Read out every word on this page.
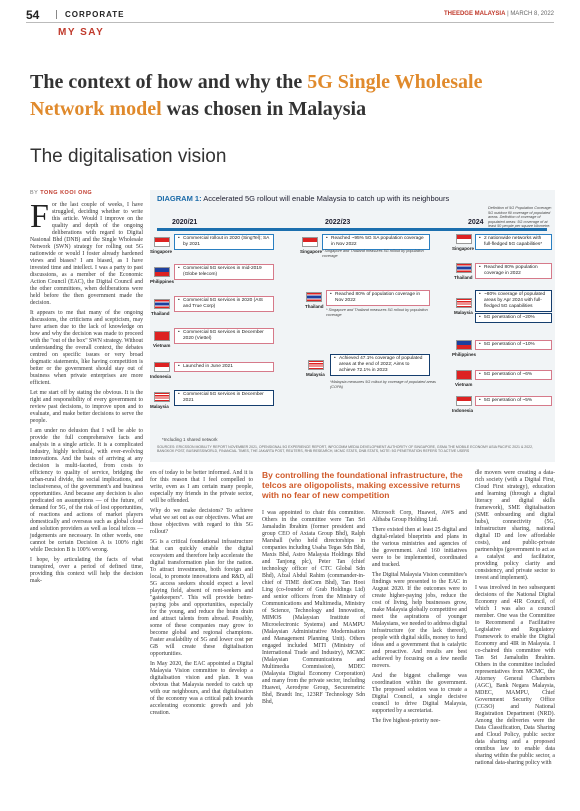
54	CORPORATE	THEEDGE MALAYSIA | MARCH 8, 2022
MY SAY
The context of how and why the 5G Single Wholesale Network model was chosen in Malaysia
The digitalisation vision
BY TONG KOOI ONG
F or the last couple of weeks, I have struggled, deciding whether to write this article. Would I improve on the quality and depth of the ongoing deliberations with regard to Digital Nasional Bhd (DNB) and the Single Wholesale Network (SWN) strategy for rolling out 5G nationwide or would I foster already hardened views and biases? I am biased, as I have invested time and intellect. I was a party to past discussions, as a member of the Economic Action Council (EAC), the Digital Council and the other committees, when deliberations were held before the then government made the decision.

It appears to me that many of the ongoing discussions, the criticisms and scepticism, may have arisen due to the lack of knowledge on how and why the decision was made to proceed with the "out of the box" SWN strategy. Without understanding the overall context, the debates centred on specific issues or very broad dogmatic statements, like having competition is better or the government should stay out of business when private enterprises are more efficient.

Let me start off by stating the obvious. It is the right and responsibility of every government to review past decisions, to improve upon and to evaluate, and make better decisions to serve the people.

I am under no delusion that I will be able to provide the full comprehensive facts and analysis in a single article. It is a complicated industry, highly technical, with ever-evolving innovations. And the basis of arriving at any decision is multi-faceted, from costs to efficiency to quality of service, bridging the urban-rural divide, the social implications, and inclusiveness, of the government's and business opportunities. And because any decision is also predicated on assumptions — of the future, of demand for 5G, of the risk of lost opportunities, of reactions and actions of market players domestically and overseas such as global cloud and solution providers as well as local telcos — judgements are necessary. In other words, one cannot be certain Decision A is 100% right while Decision B is 100% wrong.

I hope, by articulating the facts of what transpired, over a period of defined time, providing this context will help the decision mak-

DIAGRAM 1: Accelerated 5G rollout will enable Malaysia to catch up with its neighbours
2020/21	2022/23	2024
Definition of 5G Population Coverage: 5G outdoor fill coverage of populated areas. Definition of coverage of populated areas: 5G coverage of at least 50 people per square kilometre.
Singapore
• Commercial rollout in 2020 (SingTel); SA by 2021
Philippines
• Commercial 5G services in mid-2019 (Globe telecom)
Thailand
• Commercial 5G services in 2020 (AIS and True Corp)
Vietnam
• Commercial 5G services in December 2020 (Viettel)
Indonesia
• Launched in June 2021
Malaysia
• Commercial 5G services in December 2021
Singapore
• Reached ~95% 5G SA population coverage in Nov 2022
* Singapore and Thailand measures 5G rollout by population coverage
Thailand
• Reached 80% of population coverage in Nov 2022
* Singapore and Thailand measures 5G rollout by population coverage
Malaysia
• Achieved 47.1% coverage of populated areas at the end of 2022; Aims to achieve 72.1% in 2023
*Malaysia measures 5G rollout by coverage of populated areas (COPA)
Singapore
• 2 nationwide networks with full-fledged 5G capabilities*
Thailand
• Reached 80% population coverage in 2022
Malaysia
• ~80% coverage of populated areas by Apr 2024 with full-fledged 5G capabilities
• 5G penetration of ~20%
Philippines
• 5G penetration of ~10%
Vietnam
• 5G penetration of ~6%
Indonesia
• 5G penetration of ~5%
*Including 1 shared network
SOURCES: ERICSSON MOBILITY REPORT NOVEMBER 2021, OPENSIGNAL 5G EXPERIENCE REPORT, INFOCOMM MEDIA DEVELOPMENT AUTHORITY OF SINGAPORE, GSMA THE MOBILE ECONOMY ASIA PACIFIC 2021 & 2022, BANGKOK POST, BUSINESSWORLD, FINANCIAL TIMES, THE JAKARTA POST, REUTERS, RHB RESEARCH, MCMC STATS, DNB STATS, NOTE: 5G PENETRATION REFERS TO ACTIVE USERS
By controlling the foundational infrastructure, the telcos are oligopolists, making excessive returns with no fear of new competition

ers of today to be better informed. And it is for this reason that I feel compelled to write, even as I am certain many people, especially my friends in the private sector, will be offended.

Why do we make decisions? To achieve what we set out as our objectives. What are those objectives with regard to this 5G rollout?

5G is a critical foundational infrastructure that can quickly enable the digital ecosystem and therefore help accelerate the digital transformation plan for the nation. To attract investments, both foreign and local, to promote innovations and R&D, all 5G access seekers should expect a level playing field, absent of rent-seekers and "gatekeepers". This will provide better-paying jobs and opportunities, especially for the young, and reduce the brain drain and attract talents from abroad. Possibly, some of these companies may grow to become global and regional champions. Faster availability of 5G and lower cost per GB will create these digitalisation opportunities.

In May 2020, the EAC appointed a Digital Malaysia Vision committee to develop a digitalisation vision and plan. It was obvious that Malaysia needed to catch up with our neighbours, and that digitalisation of the economy was a critical path towards accelerating economic growth and job creation.

I was appointed to chair this committee. Others in the committee were Tan Sri Jamaludin Ibrahim (former president and group CEO of Axiata Group Bhd), Ralph Marshall (who held directorships in companies including Usaha Tegas Sdn Bhd, Maxis Bhd, Astro Malaysia Holdings Bhd and Tanjong plc), Peter Tan (chief technology officer of CTC Global Sdn Bhd), Afzal Abdul Rahim (commander-in-chief of TIME dotCom Bhd), Tan Hooi Ling (co-founder of Grab Holdings Ltd) and senior officers from the Ministry of Communications and Multimedia, Ministry of Science, Technology and Innovation, MIMOS (Malaysian Institute of Microelectronic Systems) and MAMPU (Malaysian Administrative Modernisation and Management Planning Unit). Others engaged included MITI (Ministry of International Trade and Industry), MCMC (Malaysian Communications and Multimedia Commission), MDEC (Malaysia Digital Economy Corporation) and many from the private sector, including Huawei, Aerodyne Group, Securemetric Bhd, Brandt Inc, 123RF Technology Sdn Bhd,

Microsoft Corp, Huawei, AWS and Alibaba Group Holding Ltd.

There existed then at least 25 digital and digital-related blueprints and plans in the various ministries and agencies of the government. And 160 initiatives were to be implemented, coordinated and tracked.

The Digital Malaysia Vision committee's findings were presented to the EAC in August 2020. If the outcomes were to create higher-paying jobs, reduce the cost of living, help businesses grow, make Malaysia globally competitive and meet the aspirations of younger Malaysians, we needed to address digital infrastructure (or the lack thereof), people with digital skills, money to fund ideas and a government that is catalytic and proactive. And results are best achieved by focusing on a few needle movers.

And the biggest challenge was coordination within the government. The proposed solution was to create a Digital Council, a single decisive council to drive Digital Malaysia, supported by a secretariat.

The five highest-priority nee-

dle movers were creating a data-rich society (with a Digital First, Cloud First strategy), education and learning (through a digital literacy and digital skills framework), SME digitalisation (SME onboarding and digital hubs), connectivity (5G, infrastructure sharing, national digital ID and low affordable costs), and public-private partnerships (government to act as a catalyst and facilitator, providing policy clarity and consistency, and private sector to invest and implement).

I was involved in two subsequent decisions of the National Digital Economy and 4IR Council, of which I was also a council member. One was the Committee to Recommend a Facilitative Legislative and Regulatory Framework to enable the Digital Economy and 4IR in Malaysia. I co-chaired this committee with Tan Sri Jamaludin Ibrahim. Others in the committee included representatives from MCMC, the Attorney General Chambers (AGC), Bank Negara Malaysia, MDEC, MAMPU, Chief Government Security Office (CGSO) and National Registration Department (NRD). Among the deliveries were the Data Classification, Data Sharing and Cloud Policy, public sector data sharing and a proposed omnibus law to enable data sharing within the public sector, a national data-sharing policy with
